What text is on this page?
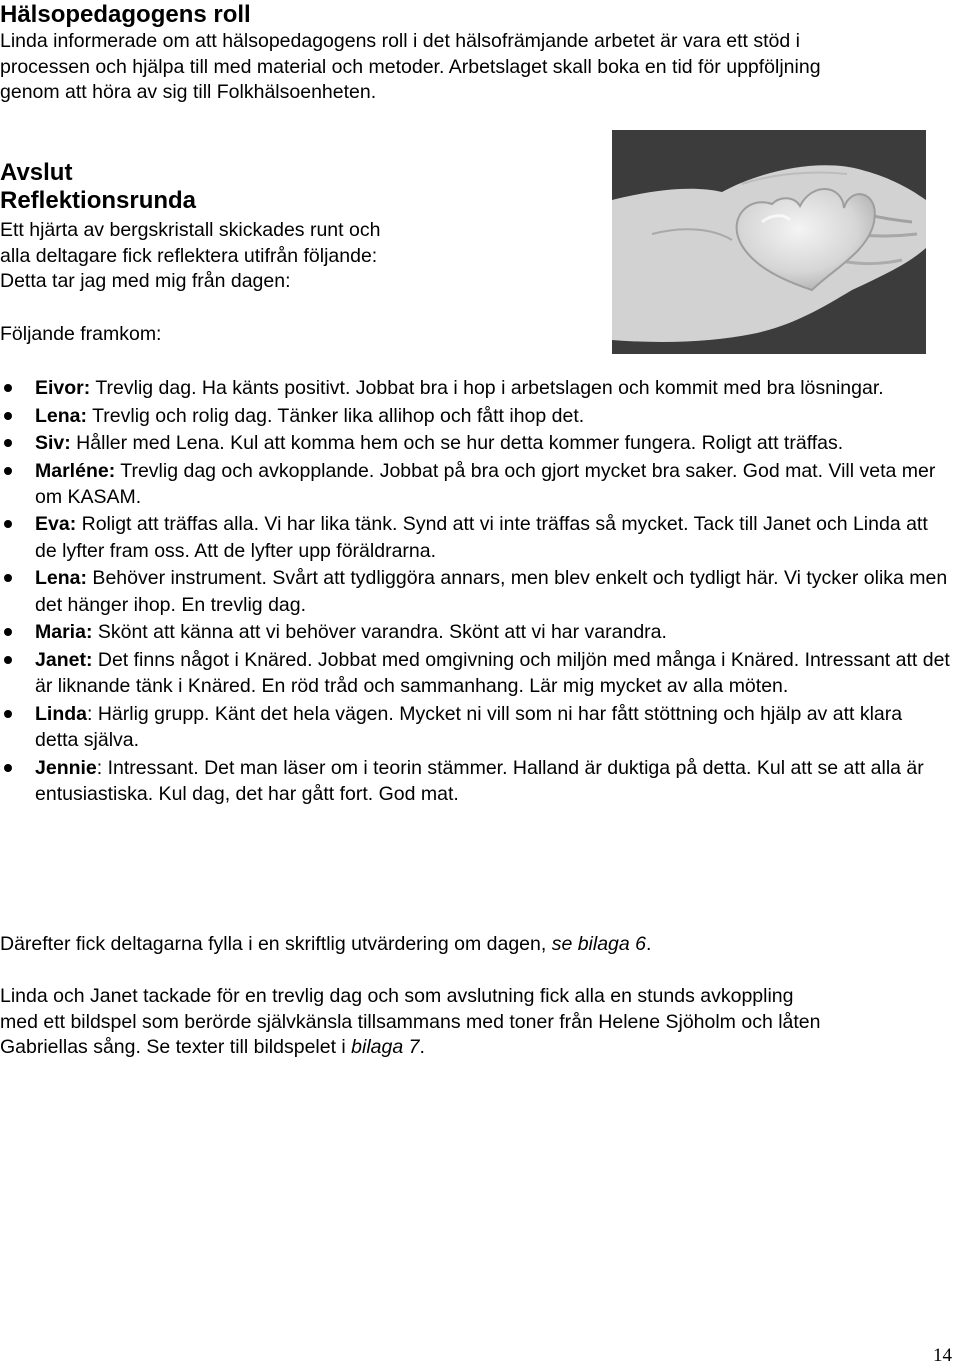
Hälsopedagogens roll
Linda informerade om att hälsopedagogens roll i det hälsofrämjande arbetet är vara ett stöd i
processen och hjälpa till med material och metoder. Arbetslaget skall boka en tid för uppföljning
genom att höra av sig till Folkhälsoenheten.
Avslut
Reflektionsrunda
Ett hjärta av bergskristall skickades runt och
alla deltagare fick reflektera utifrån följande:
Detta tar jag med mig från dagen:
Följande framkom:
Eivor: Trevlig dag. Ha känts positivt. Jobbat bra i hop i arbetslagen och kommit med bra lösningar.
Lena: Trevlig och rolig dag. Tänker lika allihop och fått ihop det.
Siv: Håller med Lena. Kul att komma hem och se hur detta kommer fungera. Roligt att träffas.
Marléne: Trevlig dag och avkopplande. Jobbat på bra och gjort mycket bra saker. God mat. Vill veta mer om KASAM.
Eva: Roligt att träffas alla. Vi har lika tänk. Synd att vi inte träffas så mycket. Tack till Janet och Linda att de lyfter fram oss. Att de lyfter upp föräldrarna.
Lena: Behöver instrument. Svårt att tydliggöra annars, men blev enkelt och tydligt här. Vi tycker olika men det hänger ihop. En trevlig dag.
Maria: Skönt att känna att vi behöver varandra. Skönt att vi har varandra.
Janet: Det finns något i Knäred. Jobbat med omgivning och miljön med många i Knäred. Intressant att det är liknande tänk i Knäred. En röd tråd och sammanhang. Lär mig mycket av alla möten.
Linda: Härlig grupp. Känt det hela vägen. Mycket ni vill som ni har fått stöttning och hjälp av att klara detta själva.
Jennie: Intressant. Det man läser om i teorin stämmer. Halland är duktiga på detta. Kul att se att alla är entusiastiska. Kul dag, det har gått fort. God mat.
Därefter fick deltagarna fylla i en skriftlig utvärdering om dagen, se bilaga 6.
Linda och Janet tackade för en trevlig dag och som avslutning fick alla en stunds avkoppling
med ett bildspel som berörde självkänsla tillsammans med toner från Helene Sjöholm och låten
Gabriellas sång. Se texter till bildspelet i bilaga 7.
14
